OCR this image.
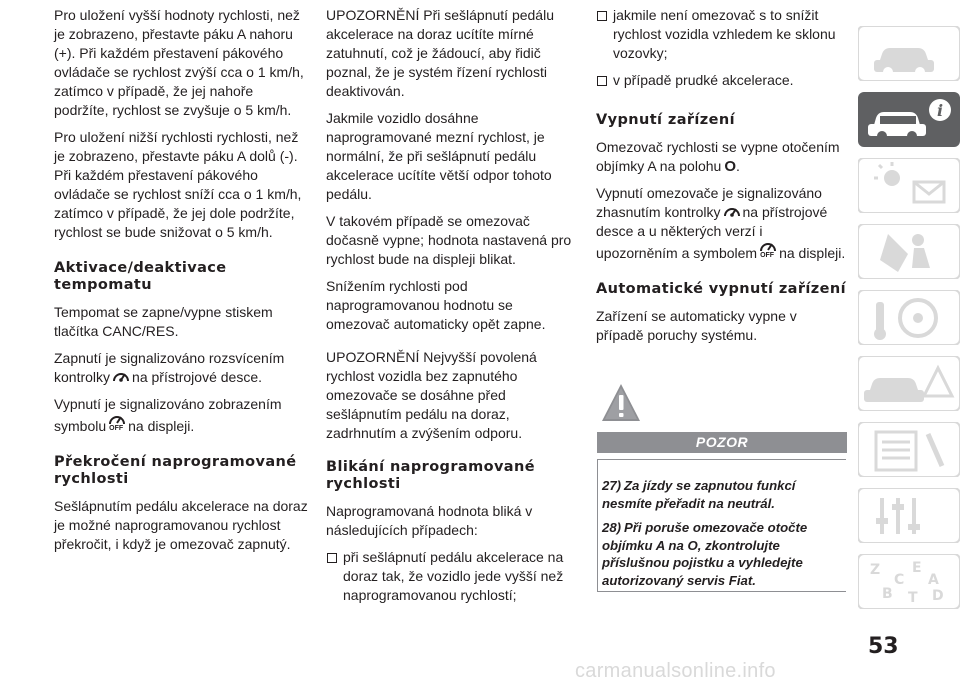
Pro uložení vyšší hodnoty rychlosti, než je zobrazeno, přestavte páku A nahoru (+). Při každém přestavení pákového ovládače se rychlost zvýší cca o 1 km/h, zatímco v případě, že jej nahoře podržíte, rychlost se zvyšuje o 5 km/h.

Pro uložení nižší rychlosti rychlosti, než je zobrazeno, přestavte páku A dolů (-). Při každém přestavení pákového ovládače se rychlost sníží cca o 1 km/h, zatímco v případě, že jej dole podržíte, rychlost se bude snižovat o 5 km/h.

Aktivace/deaktivace tempomatu

Tempomat se zapne/vypne stiskem tlačítka CANC/RES.

Zapnutí je signalizováno rozsvícením kontrolky na přístrojové desce.

Vypnutí je signalizováno zobrazením symbolu OFF na displeji.

Překročení naprogramované rychlosti

Sešlápnutím pedálu akcelerace na doraz je možné naprogramovanou rychlost překročit, i když je omezovač zapnutý.

UPOZORNĚNÍ Při sešlápnutí pedálu akcelerace na doraz ucítíte mírné zatuhnutí, což je žádoucí, aby řidič poznal, že je systém řízení rychlosti deaktivován.

Jakmile vozidlo dosáhne naprogramované mezní rychlost, je normální, že při sešlápnutí pedálu akcelerace ucítíte větší odpor tohoto pedálu.

V takovém případě se omezovač dočasně vypne; hodnota nastavená pro rychlost bude na displeji blikat.

Snížením rychlosti pod naprogramovanou hodnotu se omezovač automaticky opět zapne.

UPOZORNĚNÍ Nejvyšší povolená rychlost vozidla bez zapnutého omezovače se dosáhne před sešlápnutím pedálu na doraz, zadrhnutím a zvýšením odporu.

Blikání naprogramované rychlosti

Naprogramovaná hodnota bliká v následujících případech:

při sešlápnutí pedálu akcelerace na doraz tak, že vozidlo jede vyšší než naprogramovanou rychlostí;

jakmile není omezovač s to snížit rychlost vozidla vzhledem ke sklonu vozovky;

v případě prudké akcelerace.

Vypnutí zařízení

Omezovač rychlosti se vypne otočením objímky A na polohu O.

Vypnutí omezovače je signalizováno zhasnutím kontrolky na přístrojové desce a u některých verzí i upozorněním a symbolem OFF na displeji.

Automatické vypnutí zařízení

Zařízení se automaticky vypne v případě poruchy systému.

POZOR

27) Za jízdy se zapnutou funkcí nesmíte přeřadit na neutrál.

28) Při poruše omezovače otočte objímku A na O, zkontrolujte příslušnou pojistku a vyhledejte autorizovaný servis Fiat.

i
Z E
C A
B T D
53
carmanualsonline.info
